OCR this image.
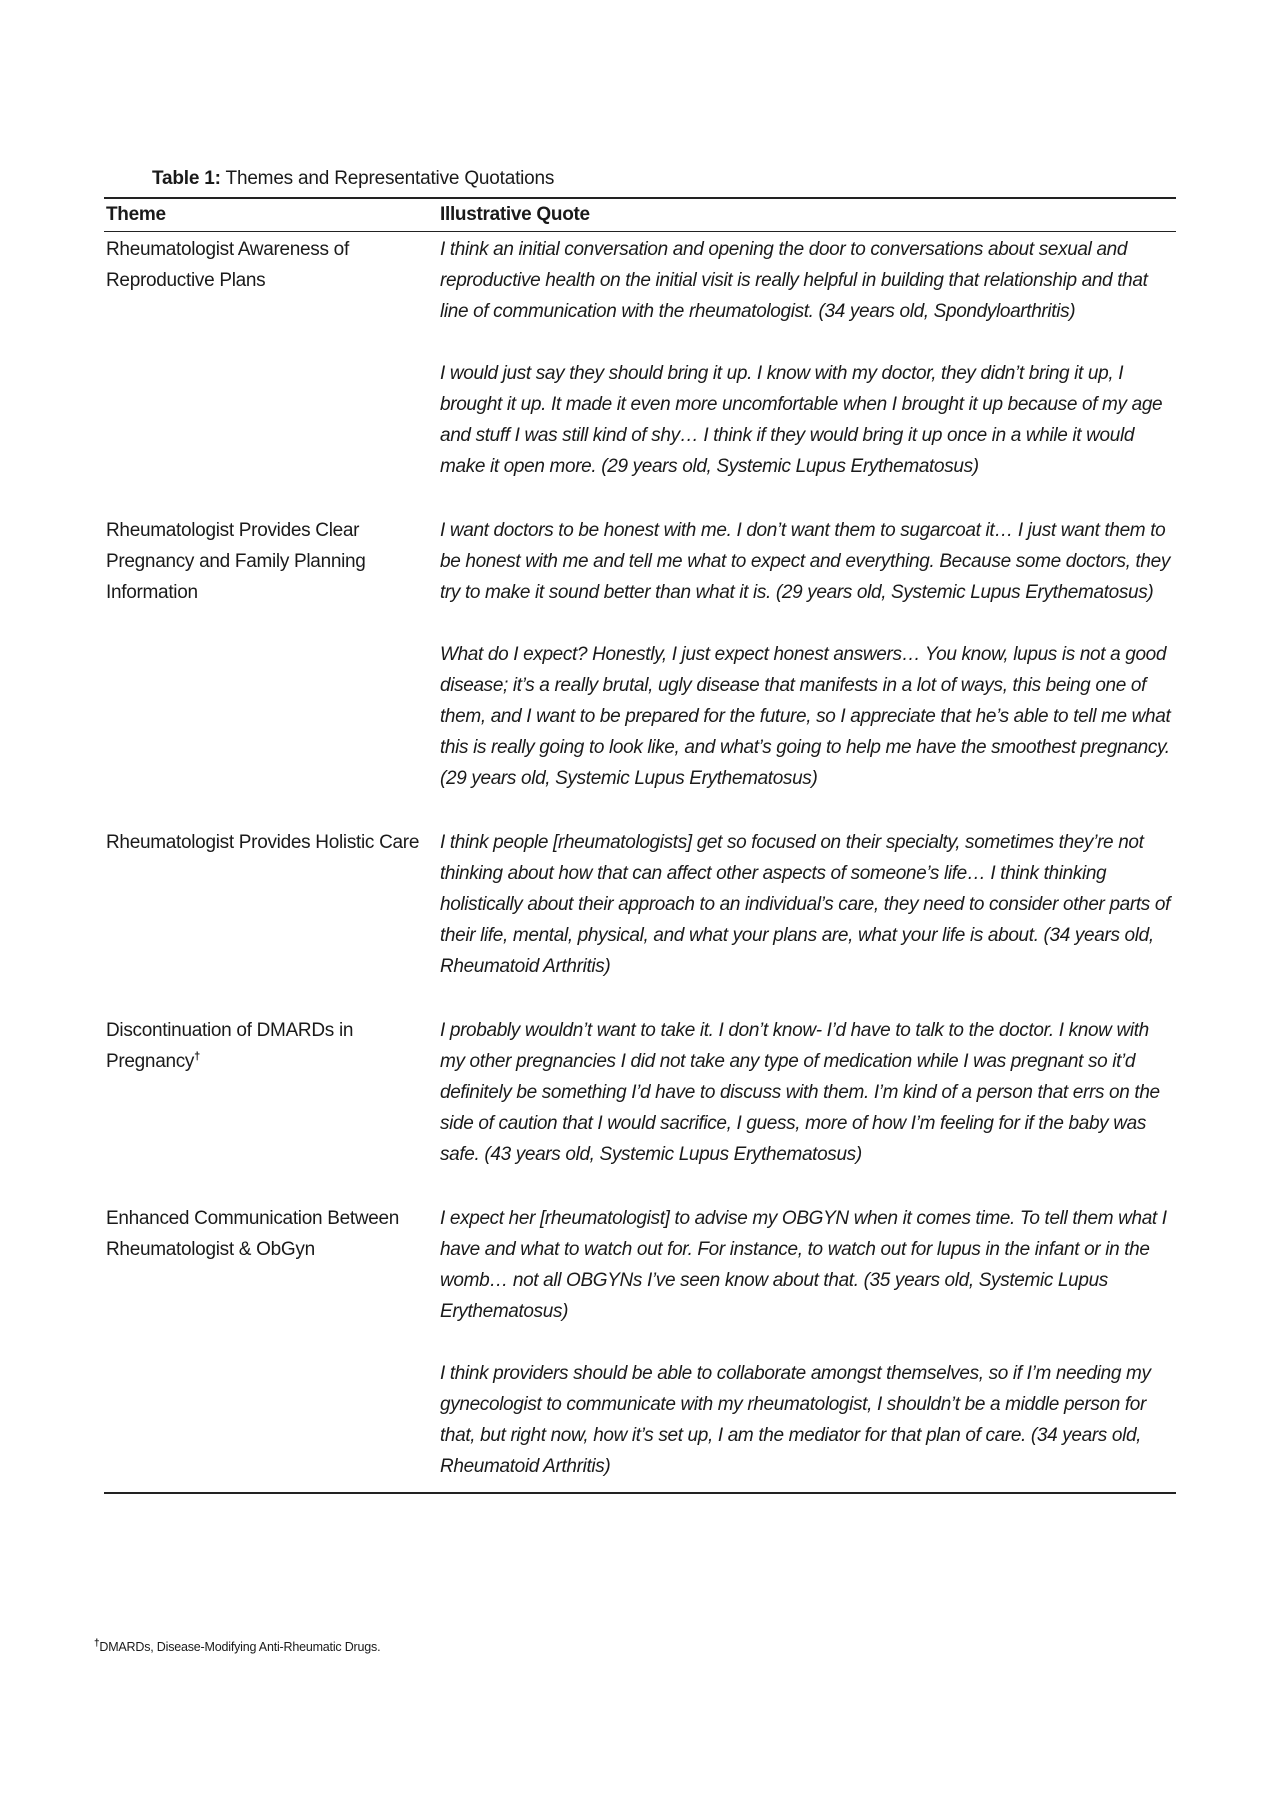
Table 1: Themes and Representative Quotations
Theme	Illustrative Quote
Rheumatologist Awareness of Reproductive Plans

I think an initial conversation and opening the door to conversations about sexual and reproductive health on the initial visit is really helpful in building that relationship and that line of communication with the rheumatologist. (34 years old, Spondyloarthritis)

I would just say they should bring it up. I know with my doctor, they didn’t bring it up, I brought it up. It made it even more uncomfortable when I brought it up because of my age and stuff I was still kind of shy… I think if they would bring it up once in a while it would make it open more. (29 years old, Systemic Lupus Erythematosus)

Rheumatologist Provides Clear Pregnancy and Family Planning Information

I want doctors to be honest with me. I don’t want them to sugarcoat it… I just want them to be honest with me and tell me what to expect and everything. Because some doctors, they try to make it sound better than what it is. (29 years old, Systemic Lupus Erythematosus)

What do I expect? Honestly, I just expect honest answers… You know, lupus is not a good disease; it’s a really brutal, ugly disease that manifests in a lot of ways, this being one of them, and I want to be prepared for the future, so I appreciate that he’s able to tell me what this is really going to look like, and what’s going to help me have the smoothest pregnancy. (29 years old, Systemic Lupus Erythematosus)

Rheumatologist Provides Holistic Care	I think people [rheumatologists] get so focused on their specialty, sometimes they’re not thinking about how that can affect other aspects of someone’s life… I think thinking holistically about their approach to an individual’s care, they need to consider other parts of their life, mental, physical, and what your plans are, what your life is about. (34 years old, Rheumatoid Arthritis)

Discontinuation of DMARDs in Pregnancy†

I probably wouldn’t want to take it. I don’t know- I’d have to talk to the doctor. I know with my other pregnancies I did not take any type of medication while I was pregnant so it’d definitely be something I’d have to discuss with them. I’m kind of a person that errs on the side of caution that I would sacrifice, I guess, more of how I’m feeling for if the baby was safe. (43 years old, Systemic Lupus Erythematosus)

Enhanced Communication Between Rheumatologist & ObGyn

I expect her [rheumatologist] to advise my OBGYN when it comes time. To tell them what I have and what to watch out for. For instance, to watch out for lupus in the infant or in the womb… not all OBGYNs I’ve seen know about that. (35 years old, Systemic Lupus Erythematosus)

I think providers should be able to collaborate amongst themselves, so if I’m needing my gynecologist to communicate with my rheumatologist, I shouldn’t be a middle person for that, but right now, how it’s set up, I am the mediator for that plan of care. (34 years old, Rheumatoid Arthritis)

†DMARDs, Disease-Modifying Anti-Rheumatic Drugs.
